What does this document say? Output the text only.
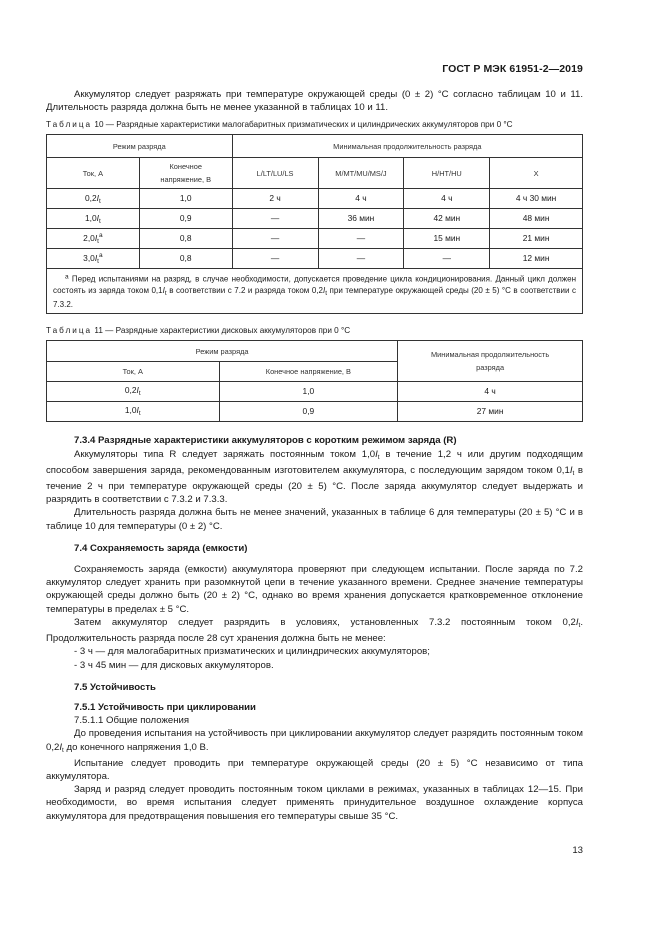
ГОСТ Р МЭК 61951-2—2019

Аккумулятор следует разряжать при температуре окружающей среды (0 ± 2) °С согласно таблицам 10 и 11. Длительность разряда должна быть не менее указанной в таблицах 10 и 11.

Таблица 10 — Разрядные характеристики малогабаритных призматических и цилиндрических аккумуляторов при 0 °С
Режим разряда		Минимальная продолжительность разряда			
Ток, А	Конечное напряжение, В	L/LT/LU/LS	M/MT/MU/MS/J	H/HT/HU	X
$0,2I_t$	1,0	2 ч	4 ч	4 ч	4 ч 30 мин
$1,0I_t$	0,9	—	36 мин	42 мин	48 мин
$2,0I_t^a$	0,8	—	—	15 мин	21 мин
$3,0I_t^a$	0,8	—	—	—	12 мин
$^a$ Перед испытаниями на разряд, в случае необходимости, допускается проведение цикла кондиционирования. Данный цикл должен состоять из заряда током $0,1I_t$ в соответствии с 7.2 и разряда током $0,2I_t$ при температуре окружающей среды (20 ± 5) °С в соответствии с 7.3.2.					
Таблица 11 — Разрядные характеристики дисковых аккумуляторов при 0 °С
Режим разряда		Минимальная продолжительность разряда
Ток, А	Конечное напряжение, В	
$0,2I_t$	1,0	4 ч
$1,0I_t$	0,9	27 мин

7.3.4 Разрядные характеристики аккумуляторов с коротким режимом заряда (R)

Аккумуляторы типа R следует заряжать постоянным током $1,0I_t$ в течение 1,2 ч или другим подходящим способом завершения заряда, рекомендованным изготовителем аккумулятора, с последующим зарядом током $0,1I_t$ в течение 2 ч при температуре окружающей среды (20 ± 5) °С. После заряда аккумулятор следует выдержать и разрядить в соответствии с 7.3.2 и 7.3.3.

Длительность разряда должна быть не менее значений, указанных в таблице 6 для температуры (20 ± 5) °С и в таблице 10 для температуры (0 ± 2) °С.

7.4 Сохраняемость заряда (емкости)

Сохраняемость заряда (емкости) аккумулятора проверяют при следующем испытании. После заряда по 7.2 аккумулятор следует хранить при разомкнутой цепи в течение указанного времени. Среднее значение температуры окружающей среды должно быть (20 ± 2) °С, однако во время хранения допускается кратковременное отклонение температуры в пределах ± 5 °С.

Затем аккумулятор следует разрядить в условиях, установленных 7.3.2 постоянным током $0,2I_t$. Продолжительность разряда после 28 сут хранения должна быть не менее:

- 3 ч — для малогабаритных призматических и цилиндрических аккумуляторов;

- 3 ч 45 мин — для дисковых аккумуляторов.

7.5 Устойчивость

7.5.1 Устойчивость при циклировании

7.5.1.1 Общие положения

До проведения испытания на устойчивость при циклировании аккумулятор следует разрядить постоянным током $0,2I_t$ до конечного напряжения 1,0 В.

Испытание следует проводить при температуре окружающей среды (20 ± 5) °С независимо от типа аккумулятора.

Заряд и разряд следует проводить постоянным током циклами в режимах, указанных в таблицах 12—15. При необходимости, во время испытания следует применять принудительное воздушное охлаждение корпуса аккумулятора для предотвращения повышения его температуры свыше 35 °С.

13
